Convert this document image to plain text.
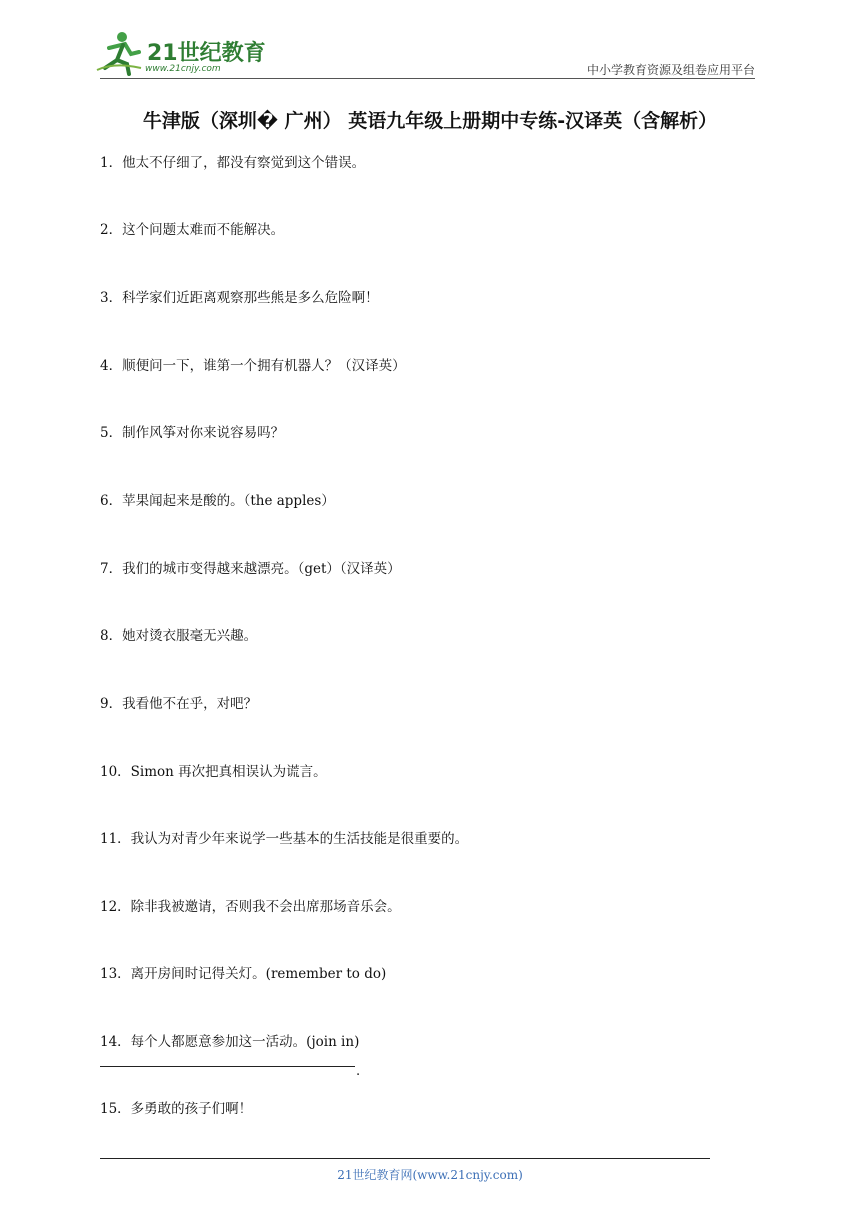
21世纪教育
www.21cnjy.com	中小学教育资源及组卷应用平台
牛津版（深圳� 广州） 英语九年级上册期中专练-汉译英（含解析）
1．他太不仔细了，都没有察觉到这个错误。
2．这个问题太难而不能解决。
3．科学家们近距离观察那些熊是多么危险啊！
4．顺便问一下，谁第一个拥有机器人？（汉译英）
5．制作风筝对你来说容易吗？
6．苹果闻起来是酸的。（the apples）
7．我们的城市变得越来越漂亮。（get）（汉译英）
8．她对烫衣服毫无兴趣。
9．我看他不在乎，对吧？
10．Simon 再次把真相误认为谎言。
11．我认为对青少年来说学一些基本的生活技能是很重要的。
12．除非我被邀请，否则我不会出席那场音乐会。
13．离开房间时记得关灯。(remember to do)
14．每个人都愿意参加这一活动。(join in)
.
15．多勇敢的孩子们啊！
21世纪教育网(www.21cnjy.com)
